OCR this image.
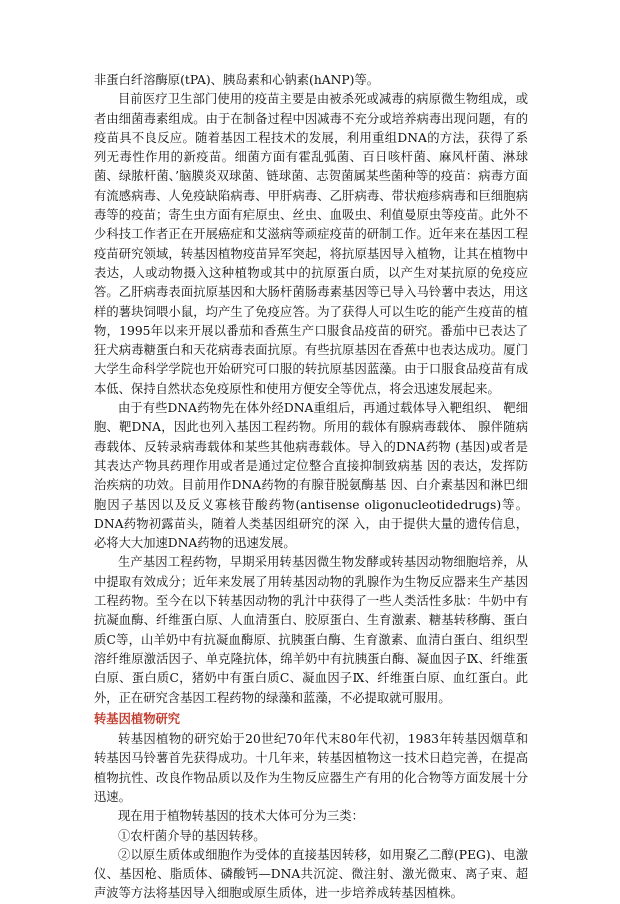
非蛋白纤溶酶原(tPA)、胰岛素和心钠素(hANP)等。

目前医疗卫生部门使用的疫苗主要是由被杀死或减毒的病原微生物组成，或者由细菌毒素组成。由于在制备过程中因减毒不充分或培养病毒出现问题，有的疫苗具不良反应。随着基因工程技术的发展，利用重组DNA的方法，获得了系列无毒性作用的新疫苗。细菌方面有霍乱弧菌、百日咳杆菌、麻风杆菌、淋球菌、绿脓杆菌、’脑膜炎双球菌、链球菌、志贺菌属某些菌种等的疫苗：病毒方面有流感病毒、人免疫缺陷病毒、甲肝病毒、乙肝病毒、带状疱疹病毒和巨细胞病毒等的疫苗；寄生虫方面有疟原虫、丝虫、血吸虫、利值曼原虫等疫苗。此外不少科技工作者正在开展癌症和艾滋病等顽症疫苗的研制工作。近年来在基因工程疫苗研究领域，转基因植物疫苗异军突起，将抗原基因导入植物，让其在植物中表达，人或动物摄入这种植物或其中的抗原蛋白质，以产生对某抗原的免疫应答。乙肝病毒表面抗原基因和大肠杆菌肠毒素基因等已导入马铃薯中表达，用这样的薯块饲喂小鼠，均产生了免疫应答。为了获得人可以生吃的能产生疫苗的植物，1995年以来开展以番茄和香蕉生产口服食品疫苗的研究。番茄中已表达了狂犬病毒糖蛋白和天花病毒表面抗原。有些抗原基因在香蕉中也表达成功。厦门大学生命科学学院也开始研究可口服的转抗原基因蓝藻。由于口服食品疫苗有成本低、保持自然状态免疫原性和使用方便安全等优点，将会迅速发展起来。

由于有些DNA药物先在体外经DNA重组后，再通过载体导入靶组织、 靶细胞、靶DNA，因此也列入基因工程药物。所用的载体有腺病毒载体、 腺伴随病毒载体、反转录病毒载体和某些其他病毒载体。导入的DNA药物 (基因)或者是其表达产物具药理作用或者是通过定位整合直接抑制致病基 因的表达，发挥防治疾病的功效。目前用作DNA药物的有腺苷脱氨酶基 因、白介素基因和淋巴细胞因子基因以及反义寡核苷酸药物(antisense oligonucleotidedrugs)等。DNA药物初露苗头，随着人类基因组研究的深 入，由于提供大量的遗传信息，必将大大加速DNA药物的迅速发展。

生产基因工程药物，早期采用转基因微生物发酵或转基因动物细胞培养，从中提取有效成分；近年来发展了用转基因动物的乳腺作为生物反应器来生产基因工程药物。至今在以下转基因动物的乳汁中获得了一些人类活性多肽：牛奶中有抗凝血酶、纤维蛋白原、人血清蛋白、胶原蛋白、生育激素、糖基转移酶、蛋白质C等，山羊奶中有抗凝血酶原、抗胰蛋白酶、生育激素、血清白蛋白、组织型溶纤维原激活因子、单克隆抗体，绵羊奶中有抗胰蛋白酶、凝血因子Ⅸ、纤维蛋白原、蛋白质C，猪奶中有蛋白质C、凝血因子Ⅸ、纤维蛋白原、血红蛋白。此外，正在研究含基因工程药物的绿藻和蓝藻，不必提取就可服用。

转基因植物研究

转基因植物的研究始于20世纪70年代末80年代初，1983年转基因烟草和转基因马铃薯首先获得成功。十几年来，转基因植物这一技术日趋完善，在提高植物抗性、改良作物品质以及作为生物反应器生产有用的化合物等方面发展十分迅速。

现在用于植物转基因的技术大体可分为三类：

①农杆菌介导的基因转移。

②以原生质体或细胞作为受体的直接基因转移，如用聚乙二醇(PEG)、电激仪、基因枪、脂质体、磷酸钙—DNA共沉淀、微注射、激光微束、离子束、超声波等方法将基因导入细胞或原生质体，进一步培养成转基因植株。
